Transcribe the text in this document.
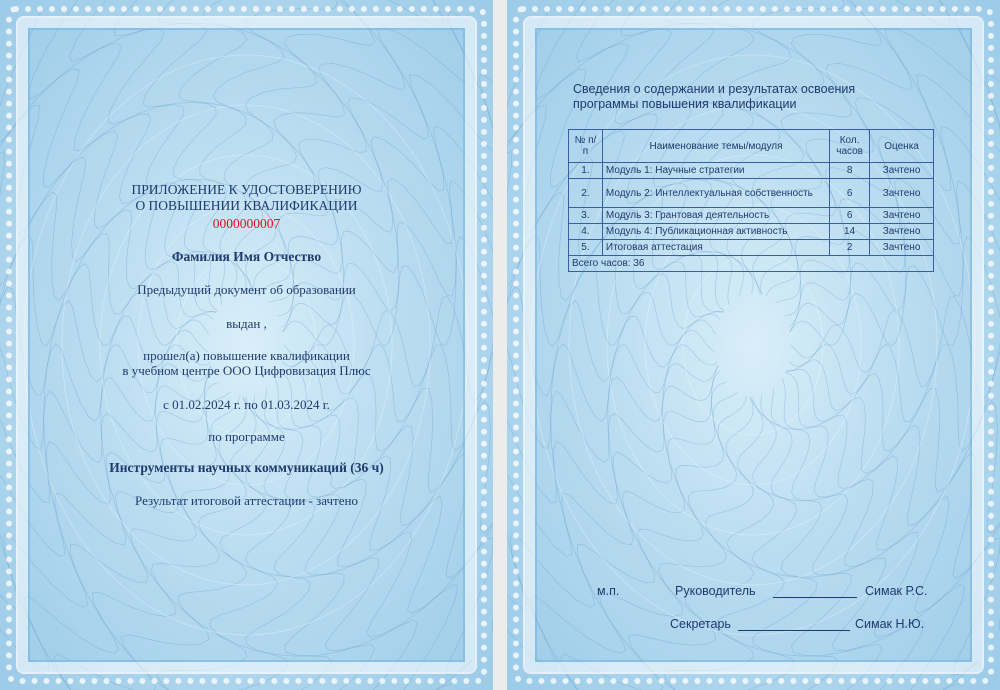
ПРИЛОЖЕНИЕ К УДОСТОВЕРЕНИЮ
О ПОВЫШЕНИИ КВАЛИФИКАЦИИ
0000000007
Фамилия Имя Отчество
Предыдущий документ об образовании
выдан ,
прошел(а) повышение квалификации
в учебном центре ООО Цифровизация Плюс
с 01.02.2024 г. по 01.03.2024 г.
по программе
Инструменты научных коммуникаций (36 ч)
Результат итоговой аттестации - зачтено
Сведения о содержании и результатах освоения
программы повышения квалификации
№ п/п	Наименование темы/модуля	Кол. часов	Оценка
1.	Модуль 1: Научные стратегии	8	Зачтено
2.	Модуль 2: Интеллектуальная собственность	6	Зачтено
3.	Модуль 3: Грантовая деятельность	6	Зачтено
4.	Модуль 4: Публикационная активность	14	Зачтено
5.	Итоговая аттестация	2	Зачтено
Всего часов: 36			
м.п.	Руководитель	Симак Р.С.
Секретарь	Симак Н.Ю.
